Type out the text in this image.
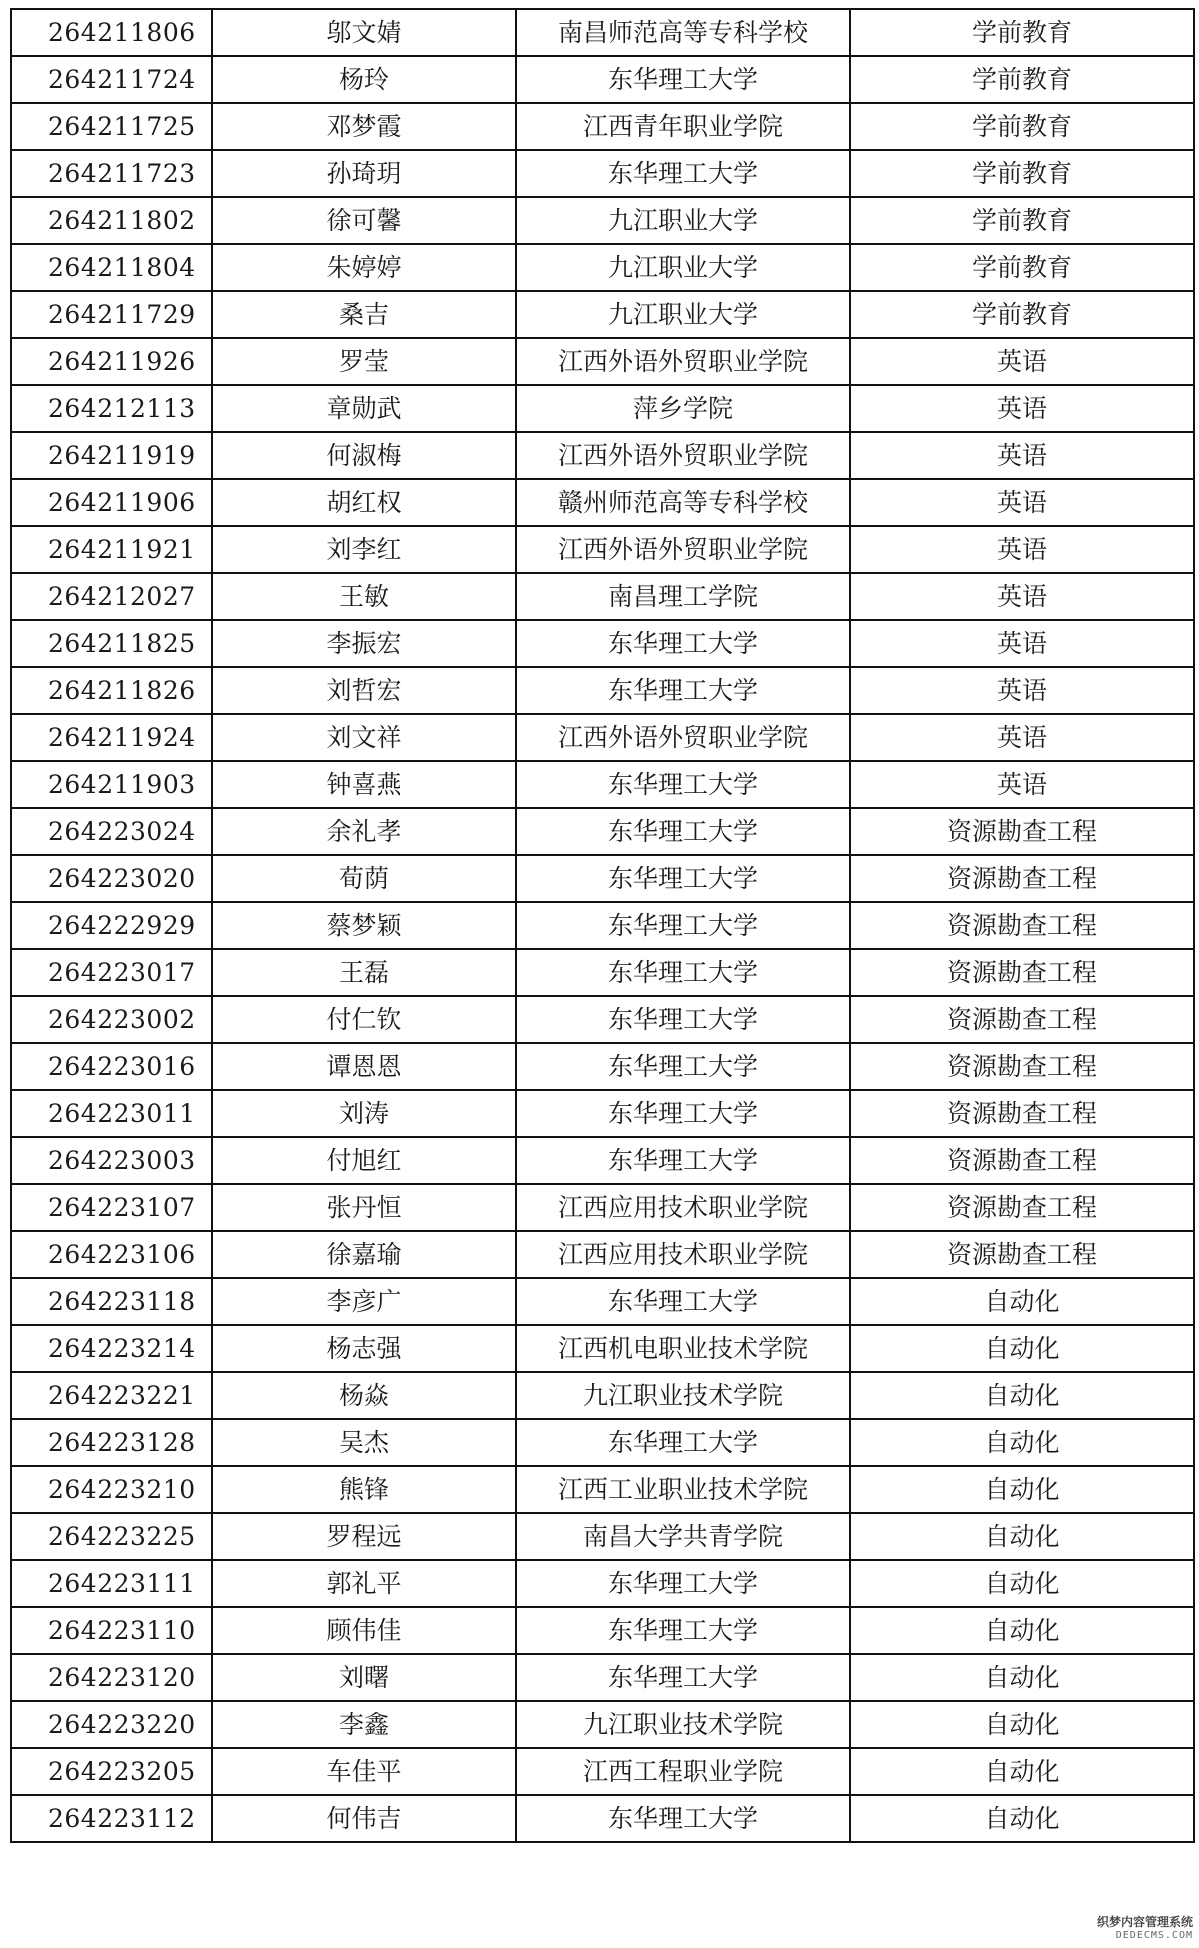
264211806	邬文婧	南昌师范高等专科学校	学前教育
264211724	杨玲	东华理工大学	学前教育
264211725	邓梦霞	江西青年职业学院	学前教育
264211723	孙琦玥	东华理工大学	学前教育
264211802	徐可馨	九江职业大学	学前教育
264211804	朱婷婷	九江职业大学	学前教育
264211729	桑吉	九江职业大学	学前教育
264211926	罗莹	江西外语外贸职业学院	英语
264212113	章勋武	萍乡学院	英语
264211919	何淑梅	江西外语外贸职业学院	英语
264211906	胡红权	赣州师范高等专科学校	英语
264211921	刘李红	江西外语外贸职业学院	英语
264212027	王敏	南昌理工学院	英语
264211825	李振宏	东华理工大学	英语
264211826	刘哲宏	东华理工大学	英语
264211924	刘文祥	江西外语外贸职业学院	英语
264211903	钟喜燕	东华理工大学	英语
264223024	余礼孝	东华理工大学	资源勘查工程
264223020	荀荫	东华理工大学	资源勘查工程
264222929	蔡梦颖	东华理工大学	资源勘查工程
264223017	王磊	东华理工大学	资源勘查工程
264223002	付仁钦	东华理工大学	资源勘查工程
264223016	谭恩恩	东华理工大学	资源勘查工程
264223011	刘涛	东华理工大学	资源勘查工程
264223003	付旭红	东华理工大学	资源勘查工程
264223107	张丹恒	江西应用技术职业学院	资源勘查工程
264223106	徐嘉瑜	江西应用技术职业学院	资源勘查工程
264223118	李彦广	东华理工大学	自动化
264223214	杨志强	江西机电职业技术学院	自动化
264223221	杨焱	九江职业技术学院	自动化
264223128	吴杰	东华理工大学	自动化
264223210	熊锋	江西工业职业技术学院	自动化
264223225	罗程远	南昌大学共青学院	自动化
264223111	郭礼平	东华理工大学	自动化
264223110	顾伟佳	东华理工大学	自动化
264223120	刘曙	东华理工大学	自动化
264223220	李鑫	九江职业技术学院	自动化
264223205	车佳平	江西工程职业学院	自动化
264223112	何伟吉	东华理工大学	自动化
织梦内容管理系统
DEDECMS.COM
